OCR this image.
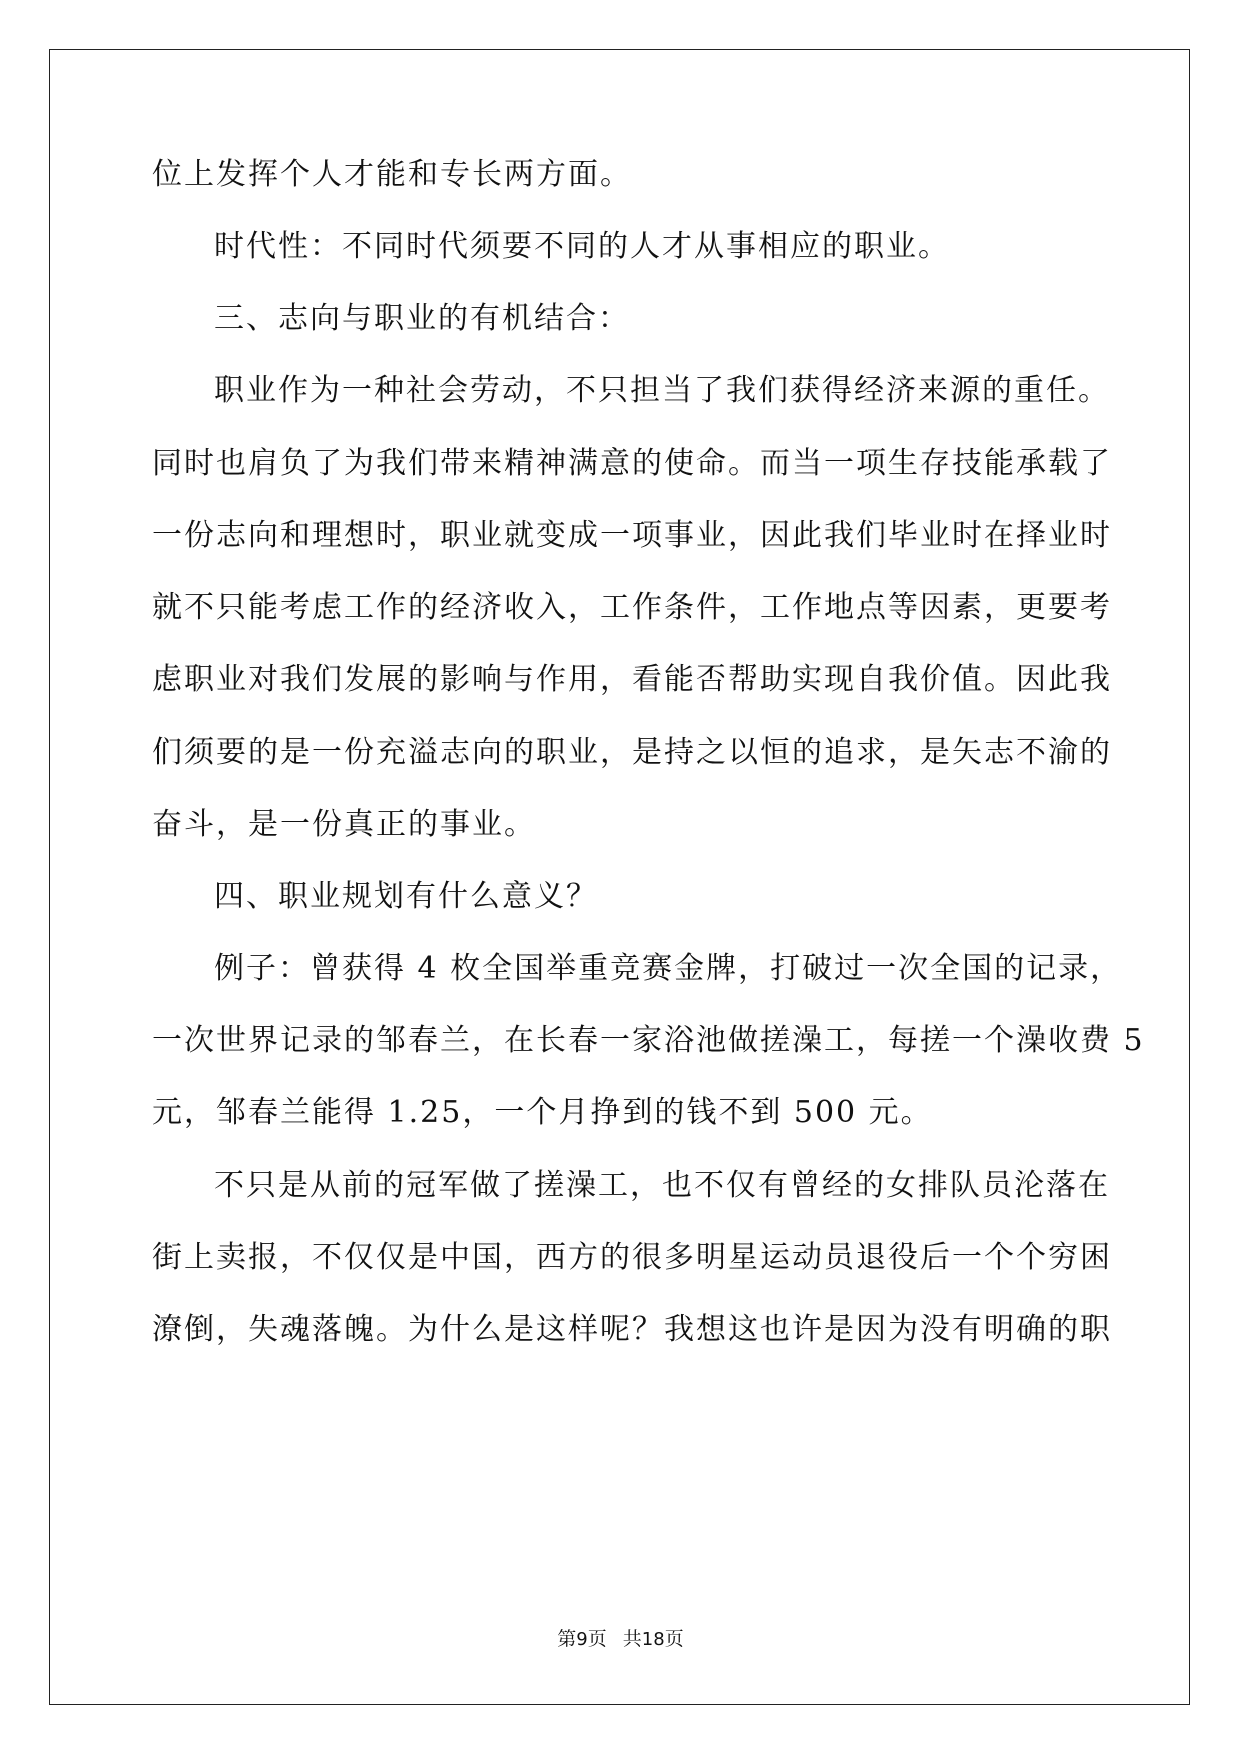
位上发挥个人才能和专长两方面。
时代性：不同时代须要不同的人才从事相应的职业。
三、志向与职业的有机结合：
职业作为一种社会劳动，不只担当了我们获得经济来源的重任。
同时也肩负了为我们带来精神满意的使命。而当一项生存技能承载了
一份志向和理想时，职业就变成一项事业，因此我们毕业时在择业时
就不只能考虑工作的经济收入，工作条件，工作地点等因素，更要考
虑职业对我们发展的影响与作用，看能否帮助实现自我价值。因此我
们须要的是一份充溢志向的职业，是持之以恒的追求，是矢志不渝的
奋斗，是一份真正的事业。
四、职业规划有什么意义？
例子：曾获得 4 枚全国举重竞赛金牌，打破过一次全国的记录，
一次世界记录的邹春兰，在长春一家浴池做搓澡工，每搓一个澡收费 5
元，邹春兰能得 1.25，一个月挣到的钱不到 500 元。
不只是从前的冠军做了搓澡工，也不仅有曾经的女排队员沦落在
街上卖报，不仅仅是中国，西方的很多明星运动员退役后一个个穷困
潦倒，失魂落魄。为什么是这样呢？我想这也许是因为没有明确的职
第9页 共18页
